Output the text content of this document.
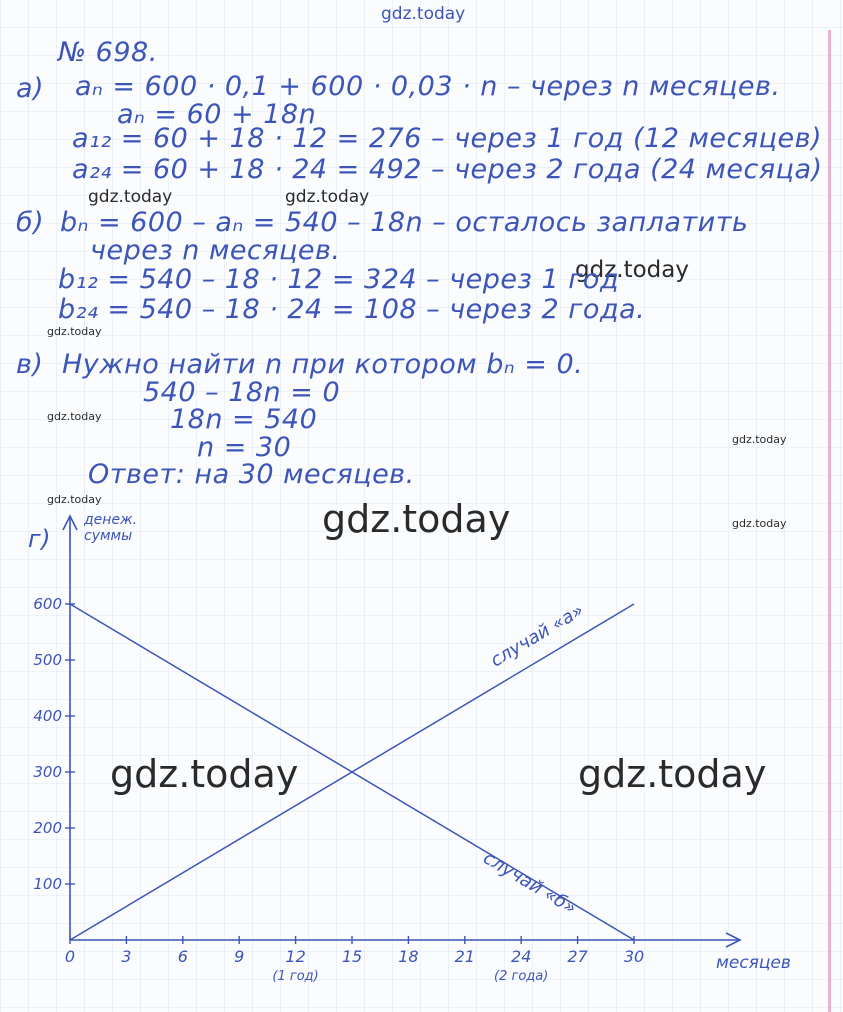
gdz.today
gdz.today	gdz.today
gdz.today
gdz.today
gdz.today
gdz.today
gdz.today
gdz.today
gdz.today
№ 698.
а) aₙ = 600 · 0,1 + 600 · 0,03 · n – через n месяцев.
aₙ = 60 + 18n
a₁₂ = 60 + 18 · 12 = 276 – через 1 год (12 месяцев)
a₂₄ = 60 + 18 · 24 = 492 – через 2 года (24 месяца)
б) bₙ = 600 – aₙ = 540 – 18n – осталось заплатить
через n месяцев.
b₁₂ = 540 – 18 · 12 = 324 – через 1 год
b₂₄ = 540 – 18 · 24 = 108 – через 2 года.
в) Нужно найти n при котором bₙ = 0.
540 – 18n = 0
18n = 540
n = 30
Ответ: на 30 месяцев.
г)
денеж.
суммы
месяцев
0	3	6	9	12 15 18 21 24 27 30
(1 год)	(2 года)
100
200
300
400
500
600	случай «а»
случай «б»
gdz.today	gdz.today
